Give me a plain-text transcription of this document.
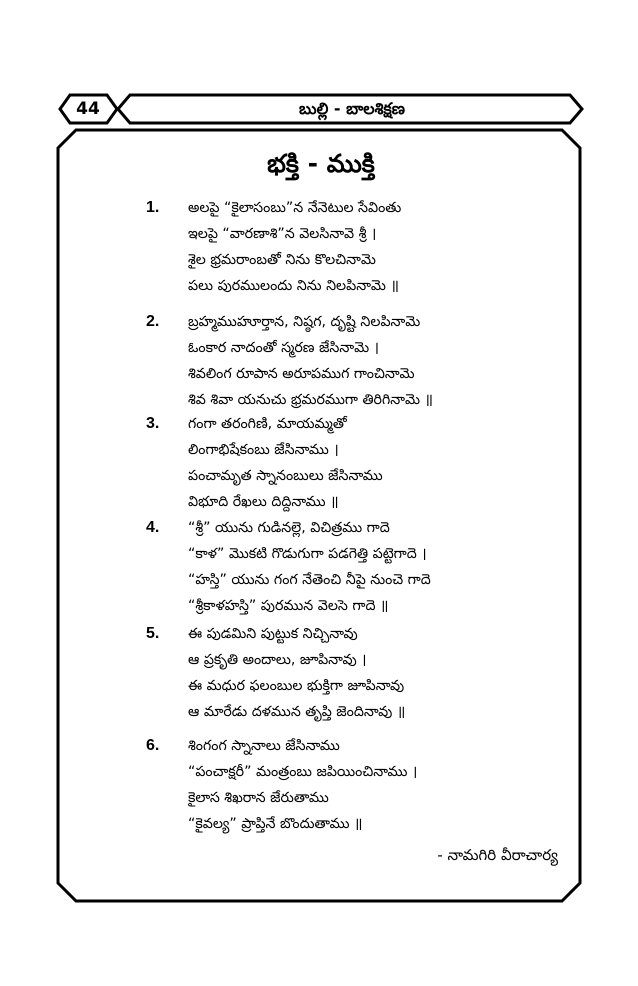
44	బుల్లి - బాలశిక్షణ
భక్తి - ముక్తి
1. అలపై “కైలాసంబు”న నేనెటుల సేవింతు
ఇలపై “వారణాశి”న వెలసినావె శ్రీ ।
శైల భ్రమరాంబతో నిను కొలచినామె
పలు పురములందు నిను నిలపినామె ॥
2. బ్రహ్మముహూర్తాన, నిష్ఠగ, దృష్టి నిలపినామె
ఓంకార నాదంతో స్మరణ జేసినామె ।
శివలింగ రూపాన అరూపముగ గాంచినామె
శివ శివా యనుచు భ్రమరముగా తిరిగినామె ॥
3. గంగా తరంగిణి, మాయమ్మతో
లింగాభిషేకంబు జేసినాము ।
పంచామృత స్నానంబులు జేసినాము
విభూది రేఖలు దిద్దినాము ॥
4. “శ్రీ” యును గుడినల్లె, విచిత్రము గాదె
“కాళ” మొకటి గొడుగుగా పడగెత్తి పట్టెగాదె ।
“హస్తి” యును గంగ నేతెంచి నీపై నుంచె గాదె
“శ్రీకాళహస్తి” పురమున వెలసె గాదె ॥
5. ఈ పుడమిని పుట్టుక నిచ్చినావు
ఆ ప్రకృతి అందాలు, జూపినావు ।
ఈ మధుర ఫలంబుల భుక్తిగా జూపినావు
ఆ మారేడు దళమున తృప్తి జెందినావు ॥
6. శింగంగ స్నానాలు జేసినాము
“పంచాక్షరీ” మంత్రంబు జపియించినాము ।
కైలాస శిఖరాన జేరుతాము
“కైవల్య” ప్రాప్తినే బొందుతాము ॥
- నామగిరి వీరాచార్య
